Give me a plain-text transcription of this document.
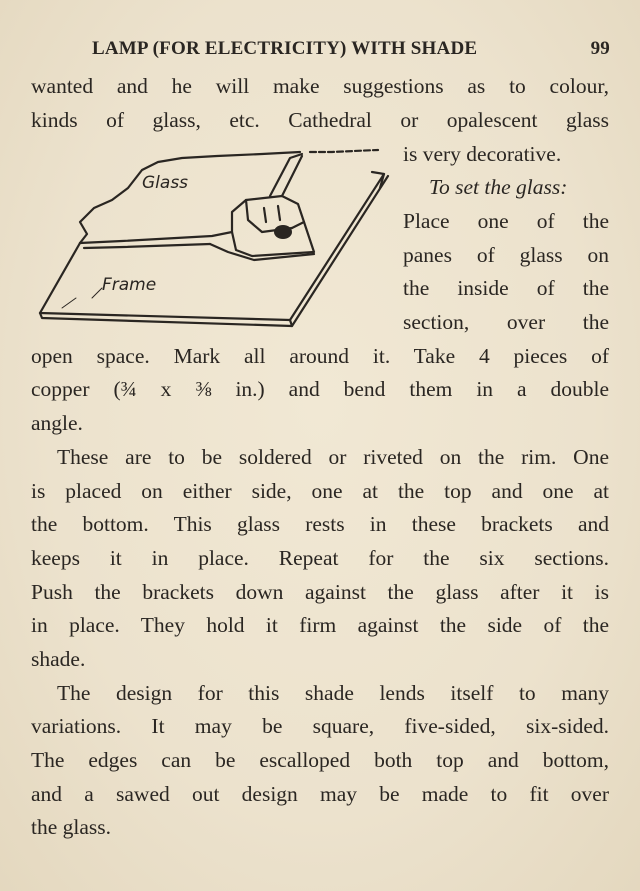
LAMP (FOR ELECTRICITY) WITH SHADE	99
wanted and he will make suggestions as to colour,
kinds of glass, etc. Cathedral or opalescent glass
Glass
Frame
is very decorative.
To set the glass:
Place one of the
panes of glass on
the inside of the
section, over the
open space. Mark all around it. Take 4 pieces of
copper (¾ x ⅜ in.) and bend them in a double
angle.
These are to be soldered or riveted on the rim. One
is placed on either side, one at the top and one at
the bottom. This glass rests in these brackets and
keeps it in place. Repeat for the six sections.
Push the brackets down against the glass after it is
in place. They hold it firm against the side of the
shade.
The design for this shade lends itself to many
variations. It may be square, five-sided, six-sided.
The edges can be escalloped both top and bottom,
and a sawed out design may be made to fit over
the glass.
